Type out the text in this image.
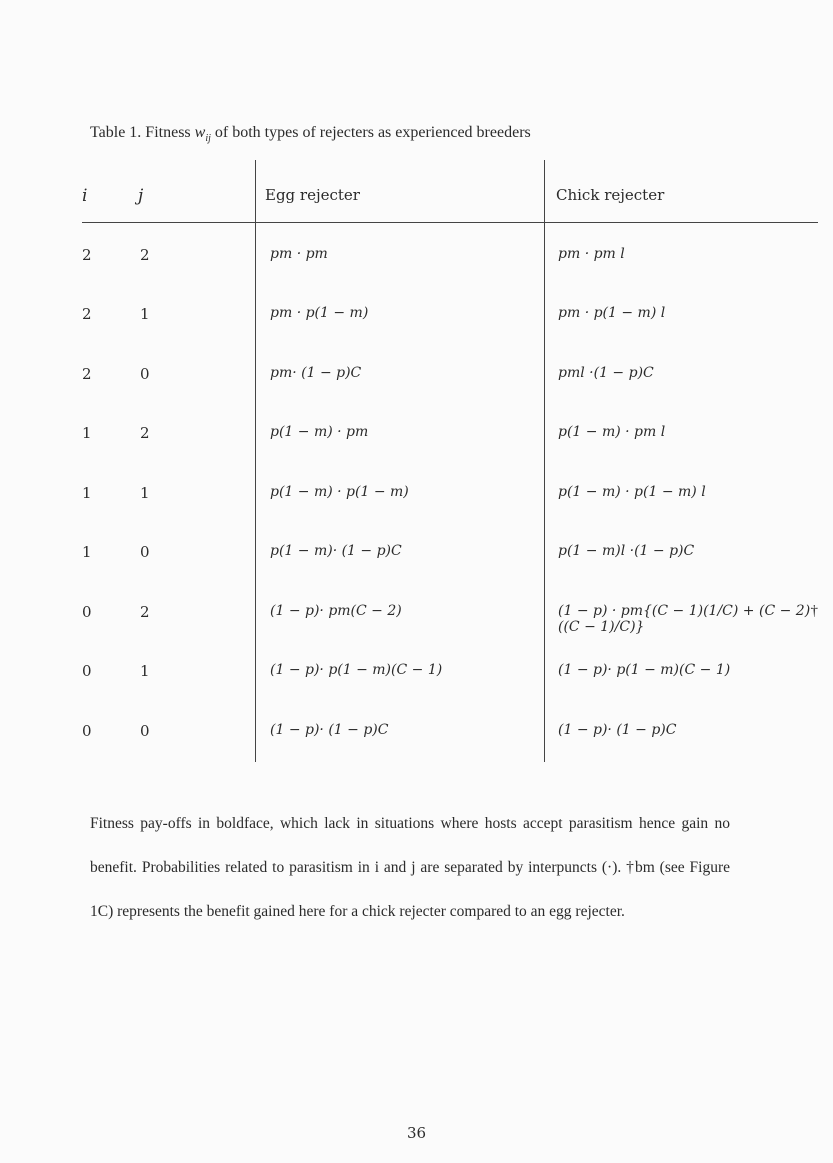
Table 1. Fitness $w_{ij}$ of both types of rejecters as experienced breeders
i	j	Egg rejecter	Chick rejecter
2	2	pm · pm	pm · pm l
2	1	pm · p(1 − m)	pm · p(1 − m) l
2	0	pm· (1 − p)C	pml ·(1 − p)C
1	2	p(1 − m) · pm	p(1 − m) · pm l
1	1	p(1 − m) · p(1 − m)	p(1 − m) · p(1 − m) l
1	0	p(1 − m)· (1 − p)C	p(1 − m)l ·(1 − p)C
0	2	(1 − p)· pm(C − 2)	(1 − p) · pm{(C − 1)(1/C) + (C − 2)((C − 1)/C)}
†
0	1	(1 − p)· p(1 − m)(C − 1)	(1 − p)· p(1 − m)(C − 1)
0	0	(1 − p)· (1 − p)C	(1 − p)· (1 − p)C

Fitness pay-offs in boldface, which lack in situations where hosts accept parasitism hence gain no benefit. Probabilities related to parasitism in i and j are separated by interpuncts (·). †bm (see Figure 1C) represents the benefit gained here for a chick rejecter compared to an egg rejecter.

36
